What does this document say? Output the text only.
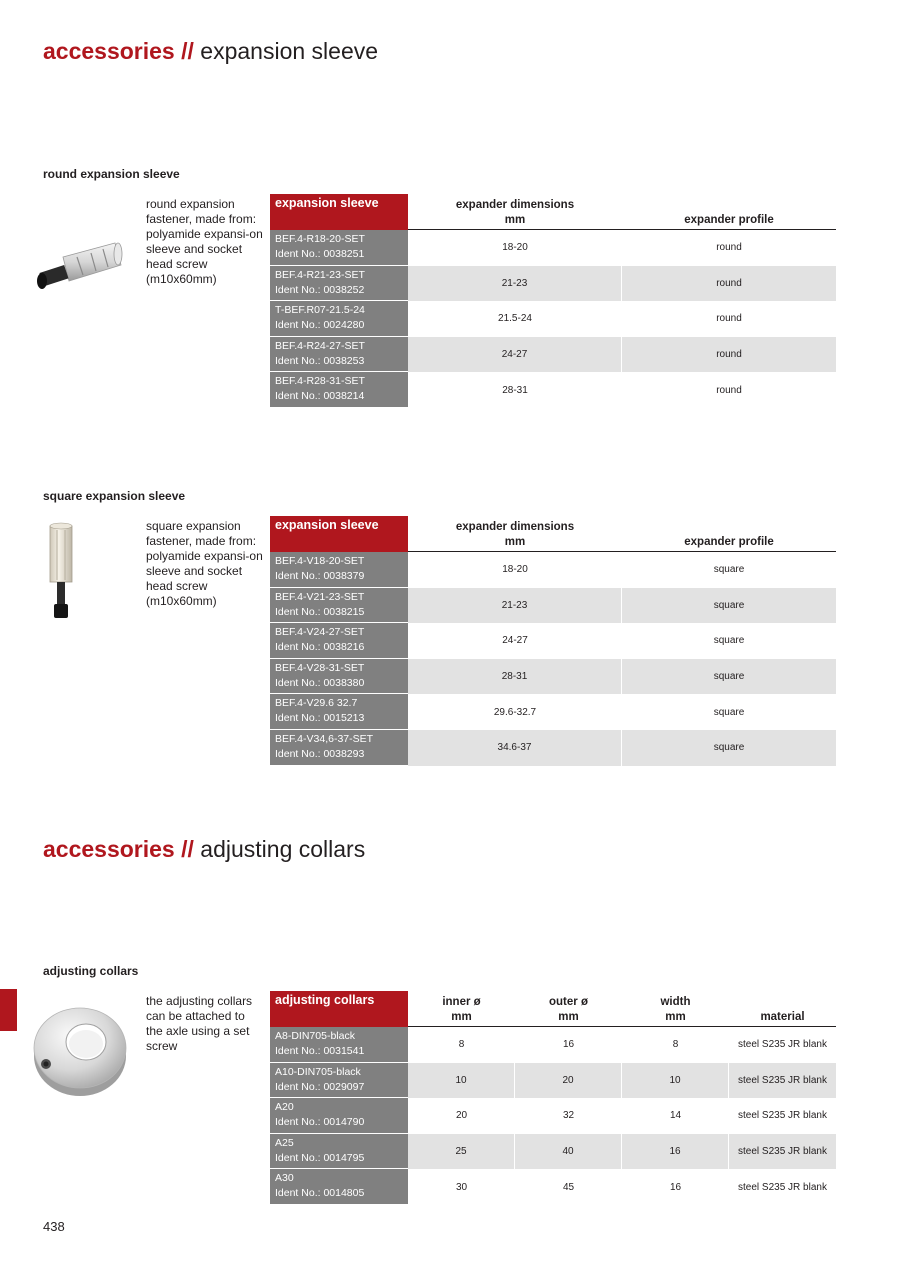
accessories // expansion sleeve
round expansion sleeve
round expansion fastener, made from: polyamide expansi-on sleeve and socket head screw (m10x60mm)
expansion sleeve	expander dimensions
mm	expander profile
BEF.4-R18-20-SET
Ident No.: 0038251
18-20	round
BEF.4-R21-23-SET
Ident No.: 0038252
21-23	round
T-BEF.R07-21.5-24
Ident No.: 0024280
21.5-24	round
BEF.4-R24-27-SET
Ident No.: 0038253
24-27	round
BEF.4-R28-31-SET
Ident No.: 0038214
28-31	round
square expansion sleeve
square expansion fastener, made from: polyamide expansi-on sleeve and socket head screw (m10x60mm)
expansion sleeve	expander dimensions
mm	expander profile
BEF.4-V18-20-SET
Ident No.: 0038379
18-20	square
BEF.4-V21-23-SET
Ident No.: 0038215
21-23	square
BEF.4-V24-27-SET
Ident No.: 0038216
24-27	square
BEF.4-V28-31-SET
Ident No.: 0038380
28-31	square
BEF.4-V29.6 32.7
Ident No.: 0015213
29.6-32.7	square
BEF.4-V34,6-37-SET
Ident No.: 0038293
34.6-37	square
accessories // adjusting collars
adjusting collars
the adjusting collars can be attached to the axle using a set screw
adjusting collars	inner ø
mm
outer ø
mm
width
mm	material
A8-DIN705-black
Ident No.: 0031541
8	16	8	steel S235 JR blank
A10-DIN705-black
Ident No.: 0029097
10	20	10	steel S235 JR blank
A20
Ident No.: 0014790
20	32	14	steel S235 JR blank
A25
Ident No.: 0014795
25	40	16	steel S235 JR blank
A30
Ident No.: 0014805
30	45	16	steel S235 JR blank
438
